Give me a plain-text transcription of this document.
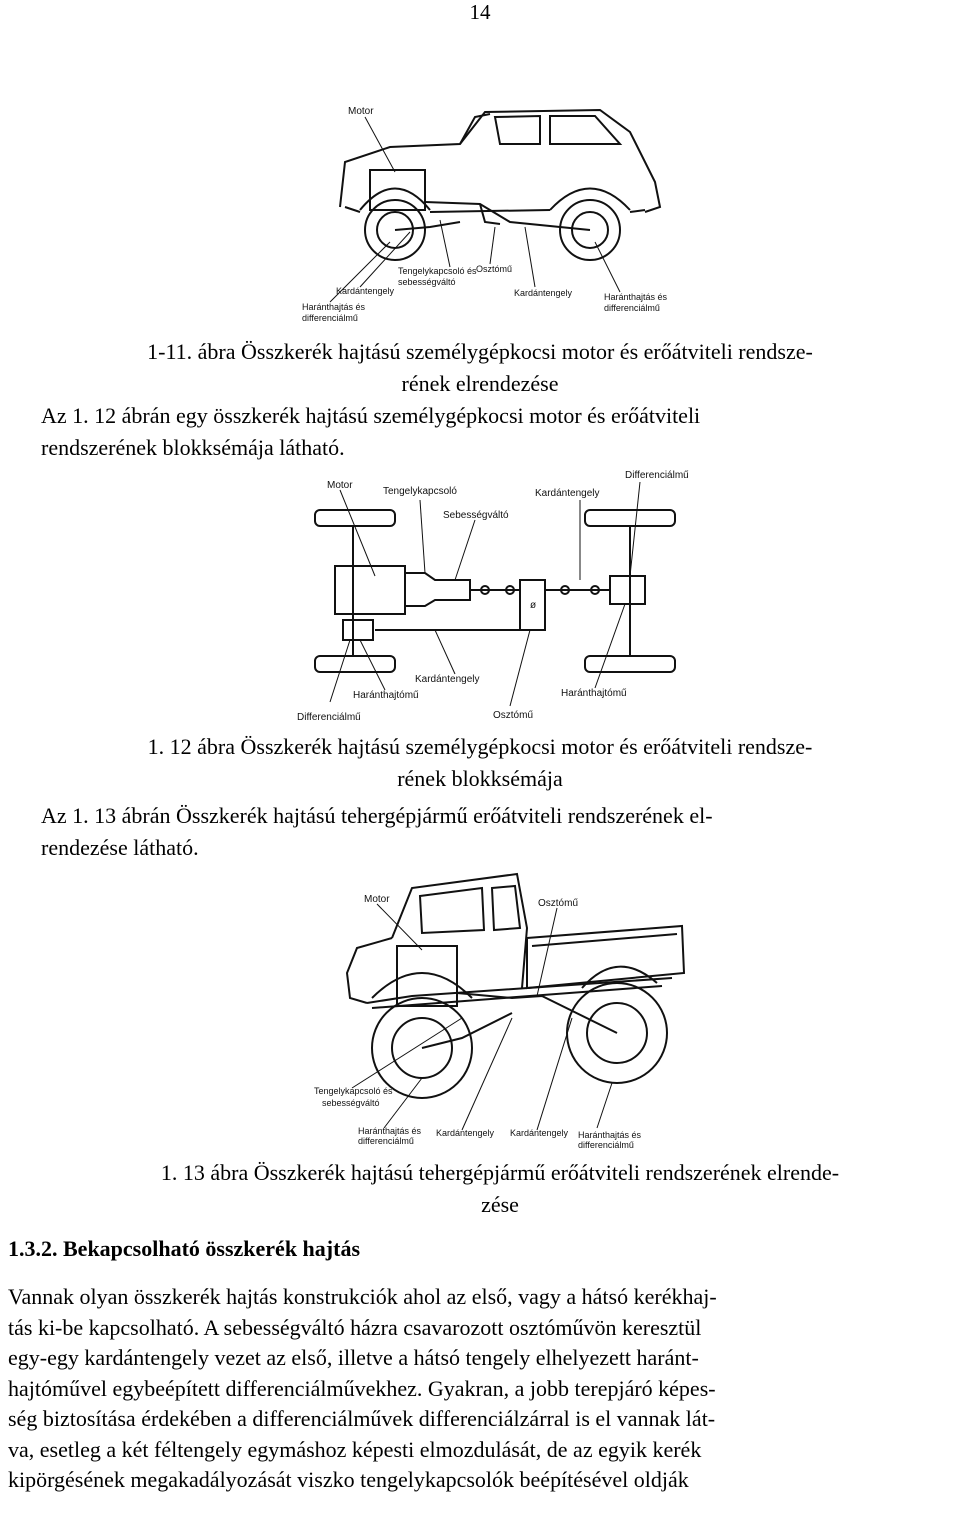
14
Motor
Tengelykapcsoló és
sebességváltó
Osztómű
Kardántengely	Kardántengely
Haránthajtás és
differenciálmű
Haránthajtás és
differenciálmű
1-11. ábra Összkerék hajtású személygépkocsi motor és erőátviteli rendsze-
rének elrendezése
Az 1. 12 ábrán egy összkerék hajtású személygépkocsi motor és erőátviteli
rendszerének blokksémája látható.
Motor
Tengelykapcsoló
Sebességváltó
Kardántengely
Differenciálmű
ø
Kardántengely
Haránthajtómű
Differenciálmű	Osztómű
Haránthajtómű
1. 12 ábra Összkerék hajtású személygépkocsi motor és erőátviteli rendsze-
rének blokksémája
Az 1. 13 ábrán Összkerék hajtású tehergépjármű erőátviteli rendszerének el-
rendezése látható.
Motor	Osztómű
Tengelykapcsoló és
sebességváltó
Haránthajtás és
differenciálmű
Kardántengely Kardántengely Haránthajtás és
differenciálmű
1. 13 ábra Összkerék hajtású tehergépjármű erőátviteli rendszerének elrende-
zése
1.3.2. Bekapcsolható összkerék hajtás
Vannak olyan összkerék hajtás konstrukciók ahol az első, vagy a hátsó kerékhaj-
tás ki-be kapcsolható. A sebességváltó házra csavarozott osztóművön keresztül
egy-egy kardántengely vezet az első, illetve a hátsó tengely elhelyezett haránt-
hajtóművel egybeépített differenciálművekhez. Gyakran, a jobb terepjáró képes-
ség biztosítása érdekében a differenciálművek differenciálzárral is el vannak lát-
va, esetleg a két féltengely egymáshoz képesti elmozdulását, de az egyik kerék
kipörgésének megakadályozását viszko tengelykapcsolók beépítésével oldják
